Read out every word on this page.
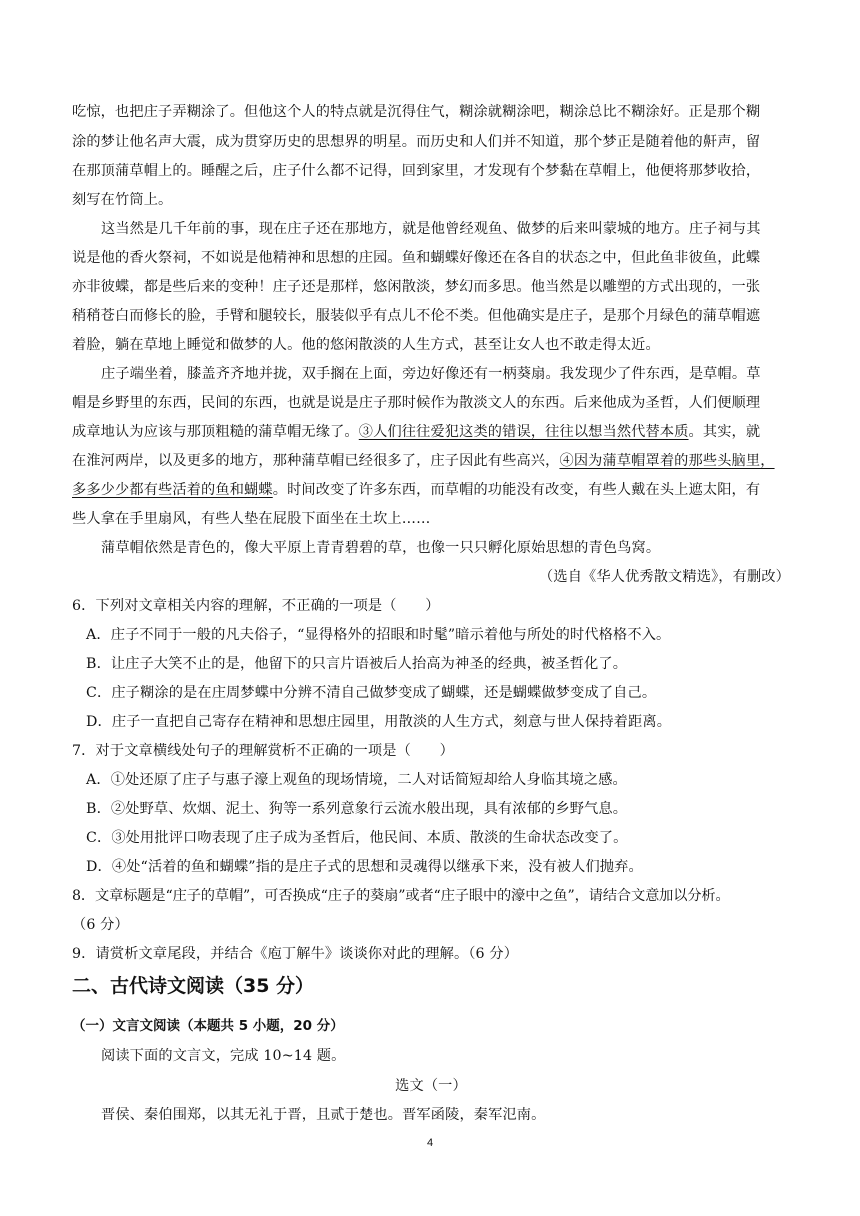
吃惊，也把庄子弄糊涂了。但他这个人的特点就是沉得住气，糊涂就糊涂吧，糊涂总比不糊涂好。正是那个糊
涂的梦让他名声大震，成为贯穿历史的思想界的明星。而历史和人们并不知道，那个梦正是随着他的鼾声，留
在那顶蒲草帽上的。睡醒之后，庄子什么都不记得，回到家里，才发现有个梦黏在草帽上，他便将那梦收拾，
刻写在竹筒上。
这当然是几千年前的事，现在庄子还在那地方，就是他曾经观鱼、做梦的后来叫蒙城的地方。庄子祠与其
说是他的香火祭祠，不如说是他精神和思想的庄园。鱼和蝴蝶好像还在各自的状态之中，但此鱼非彼鱼，此蝶
亦非彼蝶，都是些后来的变种！庄子还是那样，悠闲散淡，梦幻而多思。他当然是以雕塑的方式出现的，一张
稍稍苍白而修长的脸，手臂和腿较长，服装似乎有点儿不伦不类。但他确实是庄子，是那个月绿色的蒲草帽遮
着脸，躺在草地上睡觉和做梦的人。他的悠闲散淡的人生方式，甚至让女人也不敢走得太近。
庄子端坐着，膝盖齐齐地并拢，双手搁在上面，旁边好像还有一柄葵扇。我发现少了件东西，是草帽。草
帽是乡野里的东西，民间的东西，也就是说是庄子那时候作为散淡文人的东西。后来他成为圣哲，人们便顺理
成章地认为应该与那顶粗糙的蒲草帽无缘了。③人们往往爱犯这类的错误，往往以想当然代替本质。其实，就
在淮河两岸，以及更多的地方，那种蒲草帽已经很多了，庄子因此有些高兴，④因为蒲草帽罩着的那些头脑里，
多多少少都有些活着的鱼和蝴蝶。时间改变了许多东西，而草帽的功能没有改变，有些人戴在头上遮太阳，有
些人拿在手里扇风，有些人垫在屁股下面坐在土坎上……
蒲草帽依然是青色的，像大平原上青青碧碧的草，也像一只只孵化原始思想的青色鸟窝。
（选自《华人优秀散文精选》，有删改）
6．下列对文章相关内容的理解，不正确的一项是（　　）
A．庄子不同于一般的凡夫俗子，“显得格外的招眼和时髦”暗示着他与所处的时代格格不入。
B．让庄子大笑不止的是，他留下的只言片语被后人抬高为神圣的经典，被圣哲化了。
C．庄子糊涂的是在庄周梦蝶中分辨不清自己做梦变成了蝴蝶，还是蝴蝶做梦变成了自己。
D．庄子一直把自己寄存在精神和思想庄园里，用散淡的人生方式，刻意与世人保持着距离。
7．对于文章横线处句子的理解赏析不正确的一项是（　　）
A．①处还原了庄子与惠子濠上观鱼的现场情境，二人对话简短却给人身临其境之感。
B．②处野草、炊烟、泥土、狗等一系列意象行云流水般出现，具有浓郁的乡野气息。
C．③处用批评口吻表现了庄子成为圣哲后，他民间、本质、散淡的生命状态改变了。
D．④处“活着的鱼和蝴蝶”指的是庄子式的思想和灵魂得以继承下来，没有被人们抛弃。
8．文章标题是“庄子的草帽”，可否换成“庄子的葵扇”或者“庄子眼中的濠中之鱼”，请结合文意加以分析。
（6 分）
9．请赏析文章尾段，并结合《庖丁解牛》谈谈你对此的理解。（6 分）
二、古代诗文阅读（35 分）
（一）文言文阅读（本题共 5 小题，20 分）
阅读下面的文言文，完成 10~14 题。
选文（一）
晋侯、秦伯围郑，以其无礼于晋，且贰于楚也。晋军函陵，秦军氾南。
4
